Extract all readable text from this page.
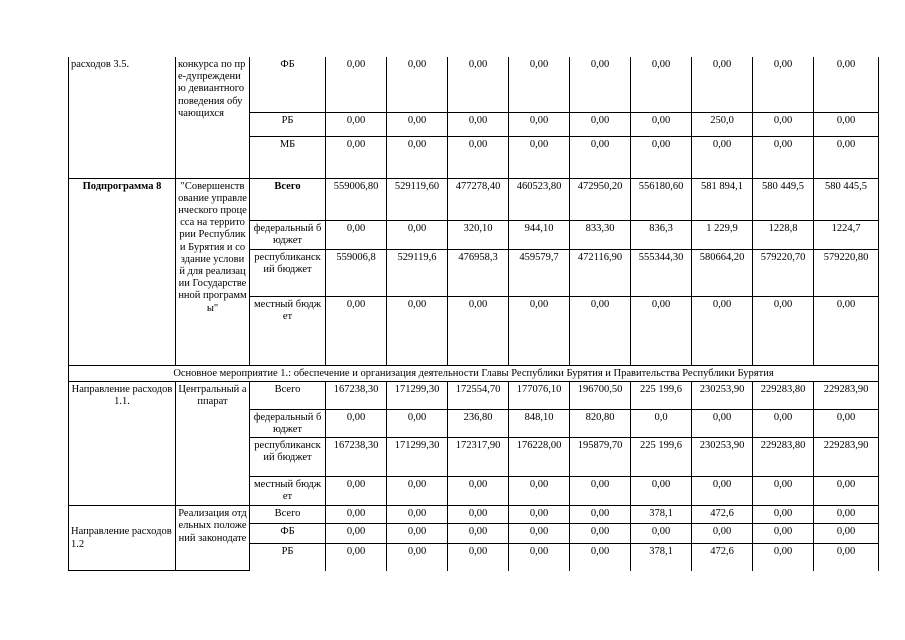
расходов 3.5.	конкурса по пре-дупреждению девиантного поведения обучающихся	ФБ	0,00	0,00	0,00	0,00	0,00	0,00	0,00	0,00	0,00
		РБ	0,00	0,00	0,00	0,00	0,00	0,00	250,0	0,00	0,00
		МБ	0,00	0,00	0,00	0,00	0,00	0,00	0,00	0,00	0,00
Подпрограмма 8	"Совершенствование управленческого процесса на территории Республики Бурятия и создание условий для реализации Государственной программы"	Всего	559006,80	529119,60	477278,40	460523,80	472950,20	556180,60	581 894,1	580 449,5	580 445,5
		федеральный бюджет	0,00	0,00	320,10	944,10	833,30	836,3	1 229,9	1228,8	1224,7
		республиканский бюджет	559006,8	529119,6	476958,3	459579,7	472116,90	555344,30	580664,20	579220,70	579220,80
		местный бюджет	0,00	0,00	0,00	0,00	0,00	0,00	0,00	0,00	0,00
Основное мероприятие 1.: обеспечение и организация деятельности Главы Республики Бурятия и Правительства Республики Бурятия											
Направление расходов 1.1.	Центральный аппарат	Всего	167238,30	171299,30	172554,70	177076,10	196700,50	225 199,6	230253,90	229283,80	229283,90
		федеральный бюджет	0,00	0,00	236,80	848,10	820,80	0,0	0,00	0,00	0,00
		республиканский бюджет	167238,30	171299,30	172317,90	176228,00	195879,70	225 199,6	230253,90	229283,80	229283,90
		местный бюджет	0,00	0,00	0,00	0,00	0,00	0,00	0,00	0,00	0,00
Направление расходов 1.2	Реализация отдельных положений законодате	Всего	0,00	0,00	0,00	0,00	0,00	378,1	472,6	0,00	0,00
		ФБ	0,00	0,00	0,00	0,00	0,00	0,00	0,00	0,00	0,00
		РБ	0,00	0,00	0,00	0,00	0,00	378,1	472,6	0,00	0,00
